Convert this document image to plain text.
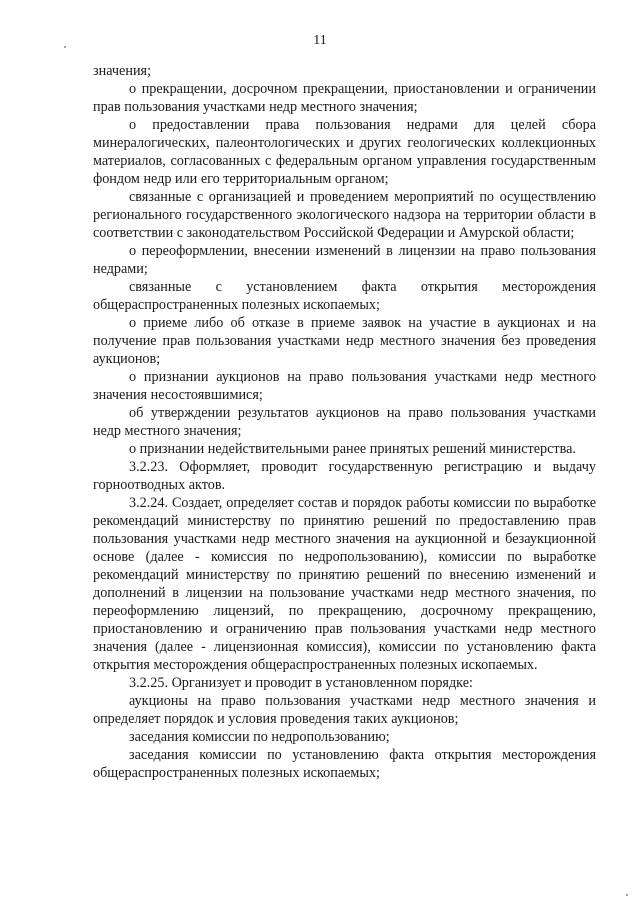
11

значения;

о прекращении, досрочном прекращении, приостановлении и ограничении прав пользования участками недр местного значения;

о предоставлении права пользования недрами для целей сбора минералогических, палеонтологических и других геологических коллекционных материалов, согласованных с федеральным органом управления государственным фондом недр или его территориальным органом;

связанные с организацией и проведением мероприятий по осуществлению регионального государственного экологического надзора на территории области в соответствии с законодательством Российской Федерации и Амурской области;

о переоформлении, внесении изменений в лицензии на право пользования недрами;

связанные с установлением факта открытия месторождения общераспространенных полезных ископаемых;

о приеме либо об отказе в приеме заявок на участие в аукционах и на получение прав пользования участками недр местного значения без проведения аукционов;

о признании аукционов на право пользования участками недр местного значения несостоявшимися;

об утверждении результатов аукционов на право пользования участками недр местного значения;

о признании недействительными ранее принятых решений министерства.

3.2.23. Оформляет, проводит государственную регистрацию и выдачу горноотводных актов.

3.2.24. Создает, определяет состав и порядок работы комиссии по выработке рекомендаций министерству по принятию решений по предоставлению прав пользования участками недр местного значения на аукционной и безаукционной основе (далее - комиссия по недропользованию), комиссии по выработке рекомендаций министерству по принятию решений по внесению изменений и дополнений в лицензии на пользование участками недр местного значения, по переоформлению лицензий, по прекращению, досрочному прекращению, приостановлению и ограничению прав пользования участками недр местного значения (далее - лицензионная комиссия), комиссии по установлению факта открытия месторождения общераспространенных полезных ископаемых.

3.2.25. Организует и проводит в установленном порядке:

аукционы на право пользования участками недр местного значения и определяет порядок и условия проведения таких аукционов;

заседания комиссии по недропользованию;

заседания комиссии по установлению факта открытия месторождения общераспространенных полезных ископаемых;
